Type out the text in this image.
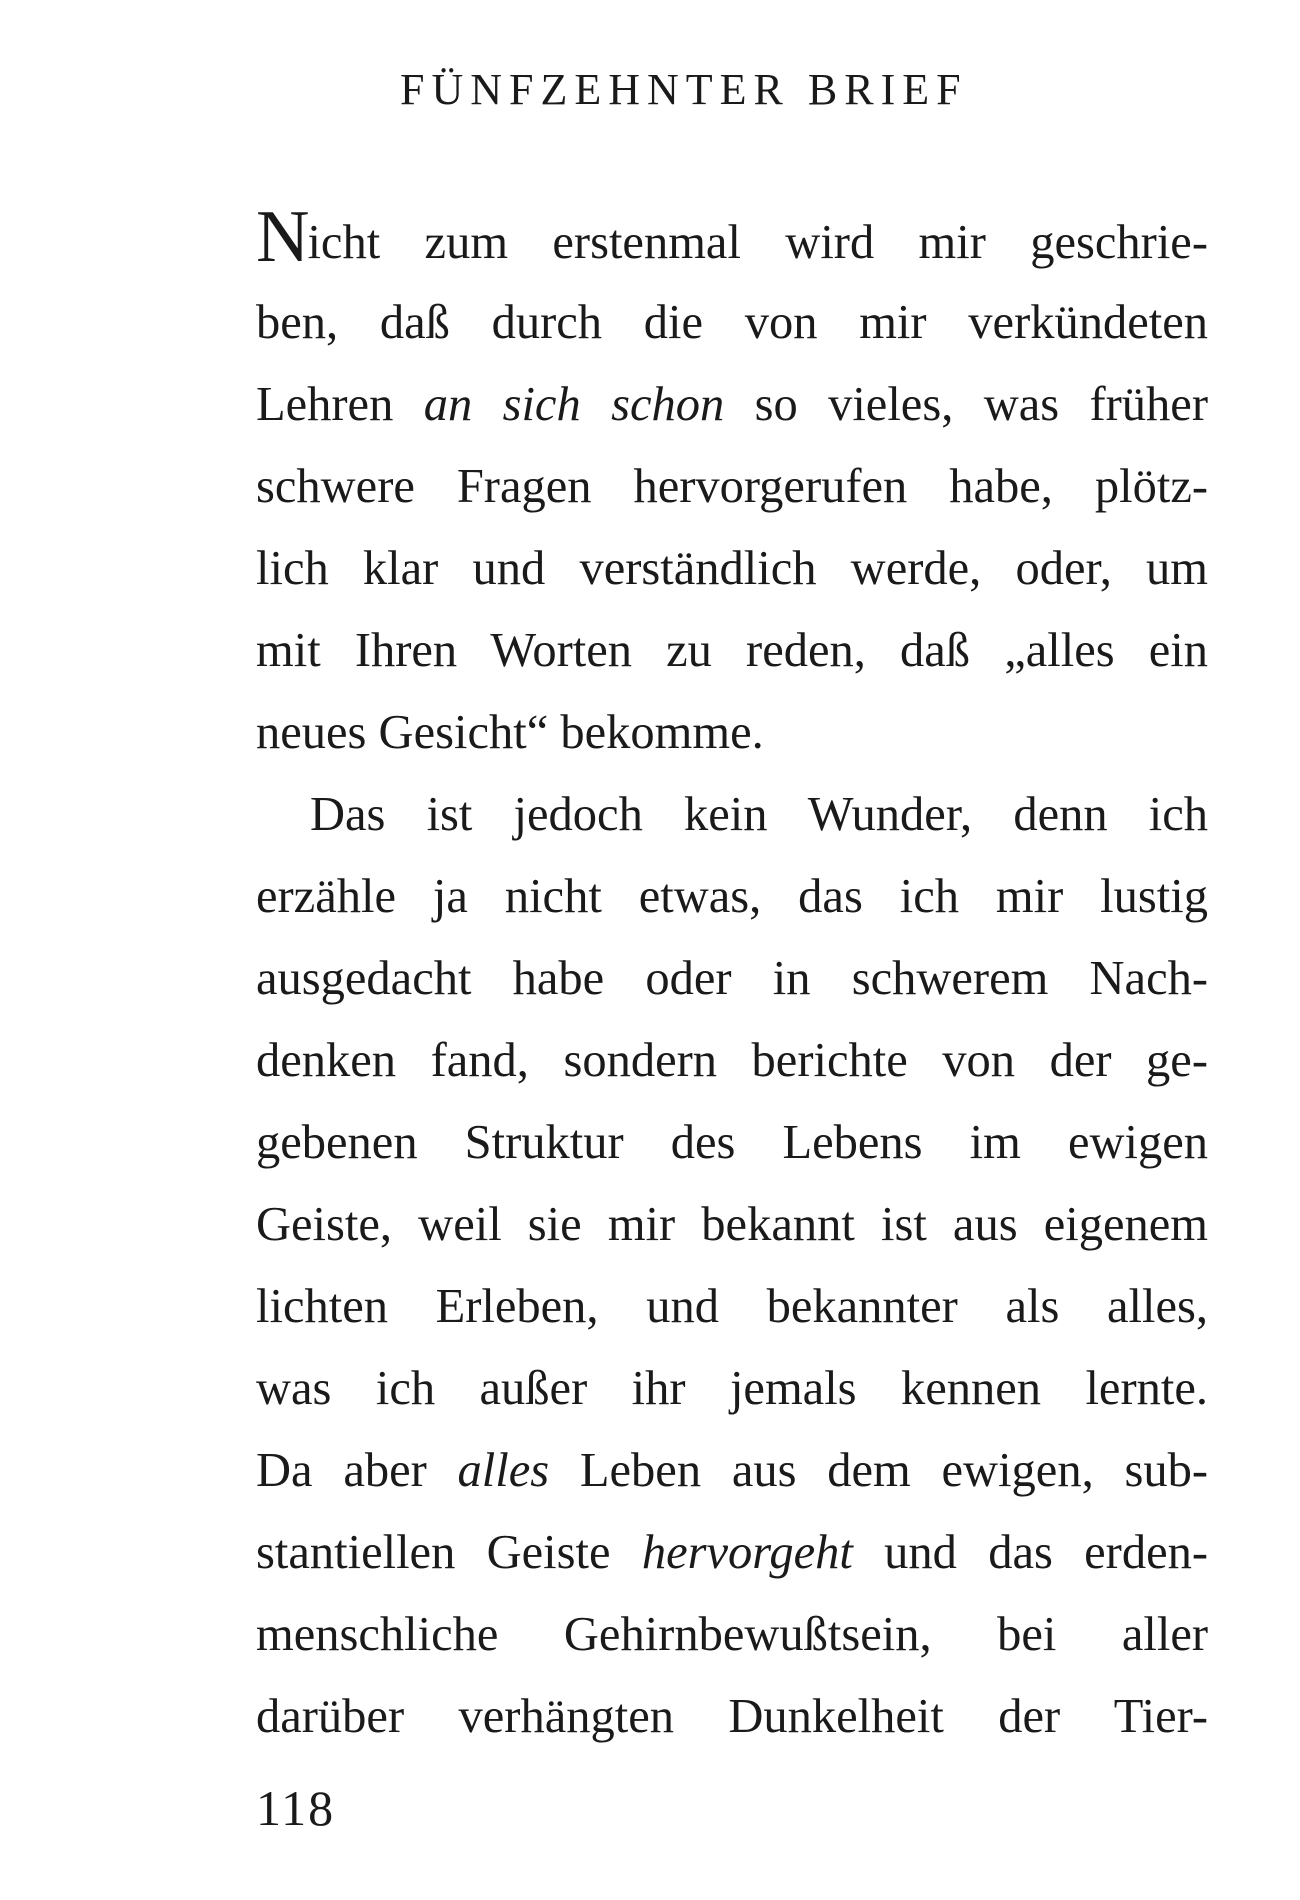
FÜNFZEHNTER BRIEF
Nicht zum erstenmal wird mir geschrie-
ben, daß durch die von mir verkündeten
Lehren an sich schon so vieles, was früher
schwere Fragen hervorgerufen habe, plötz-
lich klar und verständlich werde, oder, um
mit Ihren Worten zu reden, daß „alles ein
neues Gesicht“ bekomme.
Das ist jedoch kein Wunder, denn ich
erzähle ja nicht etwas, das ich mir lustig
ausgedacht habe oder in schwerem Nach-
denken fand, sondern berichte von der ge-
gebenen Struktur des Lebens im ewigen
Geiste, weil sie mir bekannt ist aus eigenem
lichten Erleben, und bekannter als alles,
was ich außer ihr jemals kennen lernte.
Da aber alles Leben aus dem ewigen, sub-
stantiellen Geiste hervorgeht und das erden-
menschliche Gehirnbewußtsein, bei aller
darüber verhängten Dunkelheit der Tier-
118
